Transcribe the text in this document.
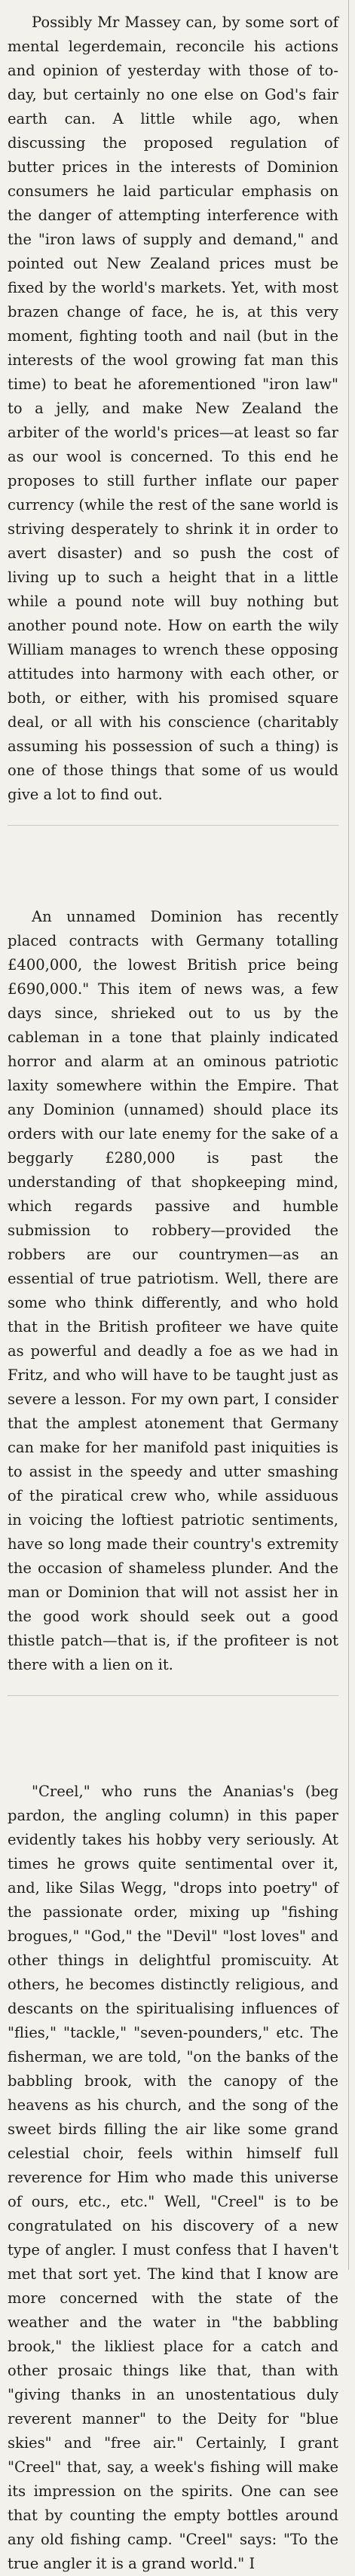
Possibly Mr Massey can, by some sort of mental legerdemain, reconcile his actions and opinion of yesterday with those of to-day, but certainly no one else on God's fair earth can. A little while ago, when discussing the proposed regulation of butter prices in the interests of Dominion consumers he laid particular emphasis on the danger of attempting interference with the "iron laws of supply and demand," and pointed out New Zealand prices must be fixed by the world's markets. Yet, with most brazen change of face, he is, at this very moment, fighting tooth and nail (but in the interests of the wool growing fat man this time) to beat he aforementioned "iron law" to a jelly, and make New Zealand the arbiter of the world's prices—at least so far as our wool is concerned. To this end he proposes to still further inflate our paper currency (while the rest of the sane world is striving desperately to shrink it in order to avert disaster) and so push the cost of living up to such a height that in a little while a pound note will buy nothing but another pound note. How on earth the wily William manages to wrench these opposing attitudes into harmony with each other, or both, or either, with his promised square deal, or all with his conscience (charitably assuming his possession of such a thing) is one of those things that some of us would give a lot to find out.

An unnamed Dominion has recently placed contracts with Germany totalling £400,000, the lowest British price being £690,000." This item of news was, a few days since, shrieked out to us by the cableman in a tone that plainly indicated horror and alarm at an ominous patriotic laxity somewhere within the Empire. That any Dominion (unnamed) should place its orders with our late enemy for the sake of a beggarly £280,000 is past the understanding of that shopkeeping mind, which regards passive and humble submission to robbery—provided the robbers are our countrymen—as an essential of true patriotism. Well, there are some who think differently, and who hold that in the British profiteer we have quite as powerful and deadly a foe as we had in Fritz, and who will have to be taught just as severe a lesson. For my own part, I consider that the amplest atonement that Germany can make for her manifold past iniquities is to assist in the speedy and utter smashing of the piratical crew who, while assiduous in voicing the loftiest patriotic sentiments, have so long made their country's extremity the occasion of shameless plunder. And the man or Dominion that will not assist her in the good work should seek out a good thistle patch—that is, if the profiteer is not there with a lien on it.

"Creel," who runs the Ananias's (beg pardon, the angling column) in this paper evidently takes his hobby very seriously. At times he grows quite sentimental over it, and, like Silas Wegg, "drops into poetry" of the passionate order, mixing up "fishing brogues," "God," the "Devil" "lost loves" and other things in delightful promiscuity. At others, he becomes distinctly religious, and descants on the spiritualising influences of "flies," "tackle," "seven-pounders," etc. The fisherman, we are told, "on the banks of the babbling brook, with the canopy of the heavens as his church, and the song of the sweet birds filling the air like some grand celestial choir, feels within himself full reverence for Him who made this universe of ours, etc., etc." Well, "Creel" is to be congratulated on his discovery of a new type of angler. I must confess that I haven't met that sort yet. The kind that I know are more concerned with the state of the weather and the water in "the babbling brook," the likliest place for a catch and other prosaic things like that, than with "giving thanks in an unostentatious duly reverent manner" to the Deity for "blue skies" and "free air." Certainly, I grant "Creel" that, say, a week's fishing will make its impression on the spirits. One can see that by counting the empty bottles around any old fishing camp. "Creel" says: "To the true angler it is a grand world." I
